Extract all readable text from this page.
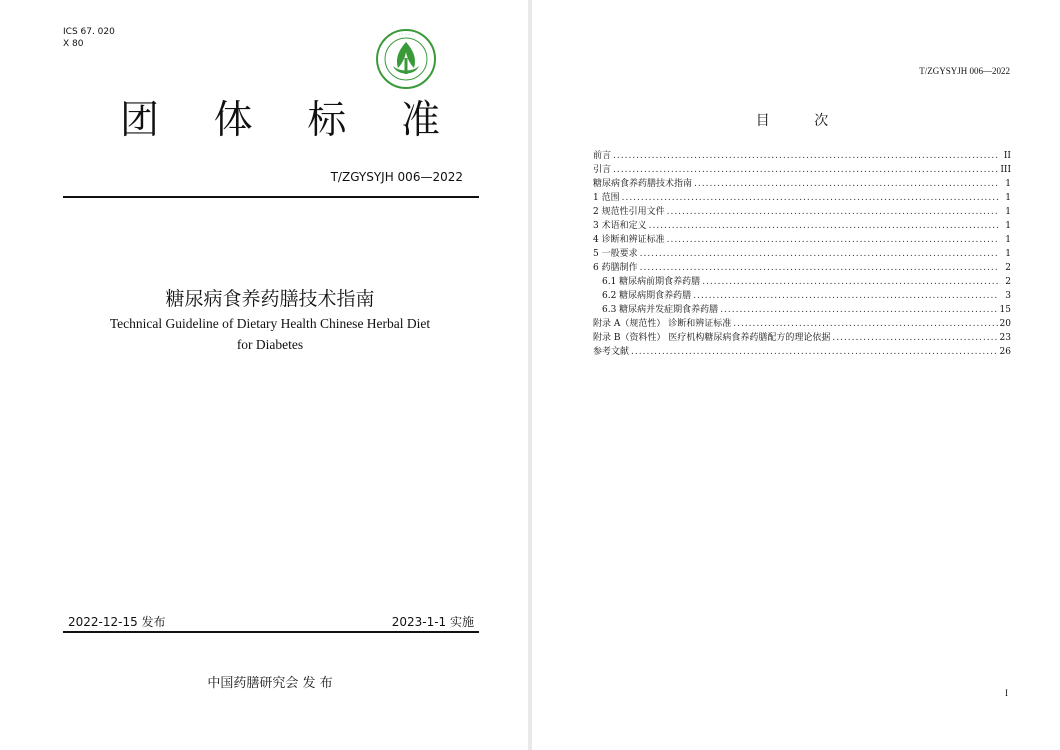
ICS 67. 020
X 80
· · · · ·
团 体 标 准
T/ZGYSYJH 006—2022
糖尿病食养药膳技术指南
Technical Guideline of Dietary Health Chinese Herbal Diet
for Diabetes
2022-12-15 发布	2023-1-1 实施
中国药膳研究会 发 布
T/ZGYSYJH 006—2022
目 次
前言 .....	II
引言 .....	III
糖尿病食养药膳技术指南 .....	1
1 范围 .....	1
2 规范性引用文件 .....	1
3 术语和定义 .....	1
4 诊断和辨证标准 .....	1
5 一般要求 .....	1
6 药膳制作 .....	2
6.1 糖尿病前期食养药膳 .....	2
6.2 糖尿病期食养药膳 .....	3
6.3 糖尿病并发症期食养药膳 .....	15
附录 A（规范性） 诊断和辨证标准 .....	20
附录 B（资料性） 医疗机构糖尿病食养药膳配方的理论依据 .....	23
参考文献 .....	26
I
